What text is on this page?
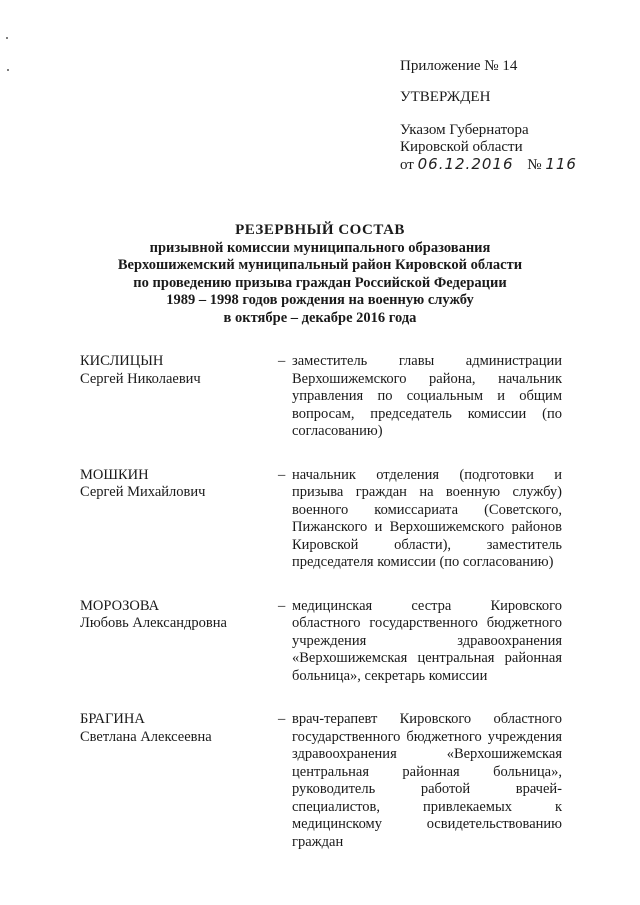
Приложение № 14
УТВЕРЖДЕН
Указом Губернатора
Кировской области
от 06.12.2016 № 116
РЕЗЕРВНЫЙ СОСТАВ
призывной комиссии муниципального образования
Верхошижемский муниципальный район Кировской области
по проведению призыва граждан Российской Федерации
1989 – 1998 годов рождения на военную службу
в октябре – декабре 2016 года
КИСЛИЦЫН
Сергей Николаевич
– заместитель главы администрации Верхошижемского района, начальник управления по социальным и общим вопросам, председатель комиссии (по согласованию)
МОШКИН
Сергей Михайлович
– начальник отделения (подготовки и призыва граждан на военную службу) военного комиссариата (Советского, Пижанского и Верхошижемского районов Кировской области), заместитель председателя комиссии (по согласованию)
МОРОЗОВА
Любовь Александровна
– медицинская сестра Кировского областного государственного бюджетного учреждения здравоохранения «Верхошижемская центральная районная больница», секретарь комиссии
БРАГИНА
Светлана Алексеевна
– врач-терапевт Кировского областного государственного бюджетного учреждения здравоохранения «Верхошижемская центральная районная больница», руководитель работой врачей-специалистов, привлекаемых к медицинскому освидетельствованию граждан
